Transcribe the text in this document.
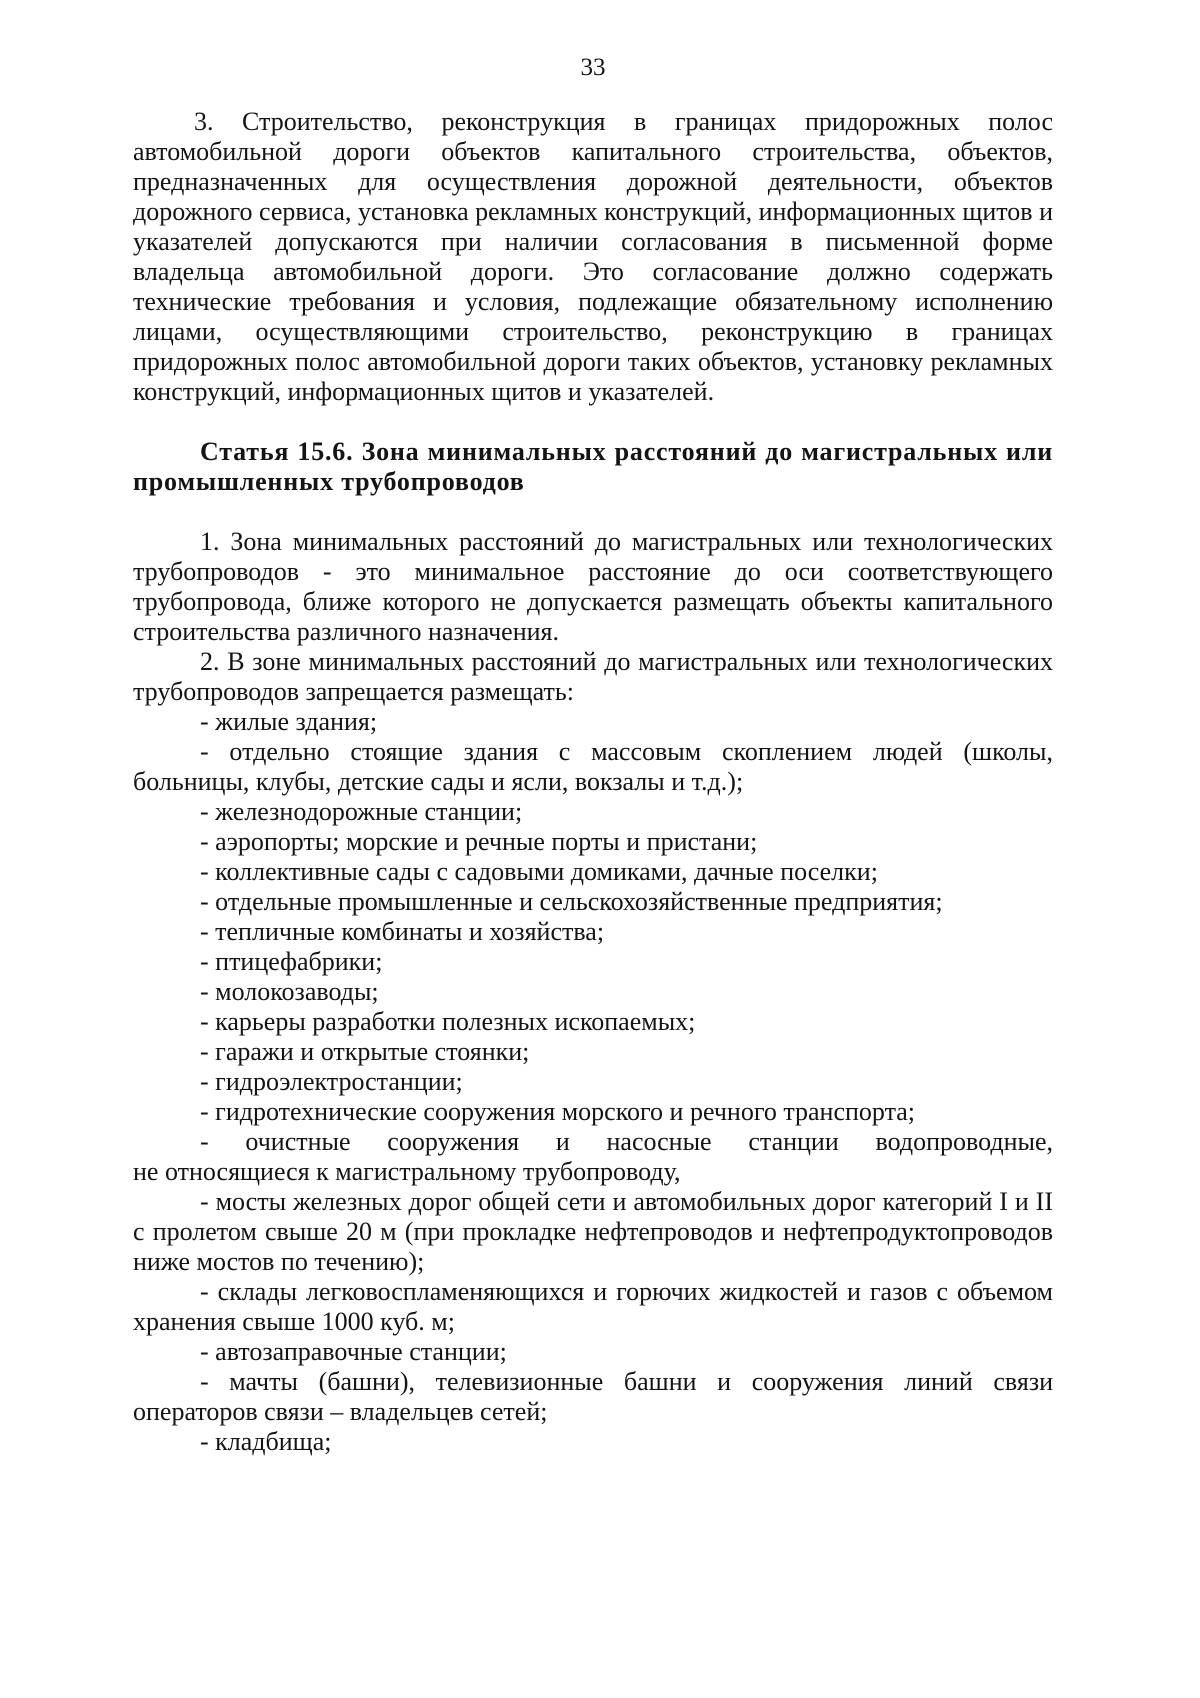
33
3. Строительство, реконструкция в границах придорожных полос
автомобильной дороги объектов капитального строительства, объектов,
предназначенных для осуществления дорожной деятельности, объектов
дорожного сервиса, установка рекламных конструкций, информационных щитов и
указателей допускаются при наличии согласования в письменной форме
владельца автомобильной дороги. Это согласование должно содержать
технические требования и условия, подлежащие обязательному исполнению
лицами, осуществляющими строительство, реконструкцию в границах
придорожных полос автомобильной дороги таких объектов, установку рекламных
конструкций, информационных щитов и указателей.
Статья 15.6. Зона минимальных расстояний до магистральных или
промышленных трубопроводов
1. Зона минимальных расстояний до магистральных или технологических
трубопроводов - это минимальное расстояние до оси соответствующего
трубопровода, ближе которого не допускается размещать объекты капитального
строительства различного назначения.
2. В зоне минимальных расстояний до магистральных или технологических
трубопроводов запрещается размещать:
- жилые здания;
- отдельно стоящие здания с массовым скоплением людей (школы,
больницы, клубы, детские сады и ясли, вокзалы и т.д.);
- железнодорожные станции;
- аэропорты; морские и речные порты и пристани;
- коллективные сады с садовыми домиками, дачные поселки;
- отдельные промышленные и сельскохозяйственные предприятия;
- тепличные комбинаты и хозяйства;
- птицефабрики;
- молокозаводы;
- карьеры разработки полезных ископаемых;
- гаражи и открытые стоянки;
- гидроэлектростанции;
- гидротехнические сооружения морского и речного транспорта;
- очистные сооружения и насосные станции водопроводные,
не относящиеся к магистральному трубопроводу,
- мосты железных дорог общей сети и автомобильных дорог категорий I и II
с пролетом свыше 20 м (при прокладке нефтепроводов и нефтепродуктопроводов
ниже мостов по течению);
- склады легковоспламеняющихся и горючих жидкостей и газов с объемом
хранения свыше 1000 куб. м;
- автозаправочные станции;
- мачты (башни), телевизионные башни и сооружения линий связи
операторов связи – владельцев сетей;
- кладбища;
